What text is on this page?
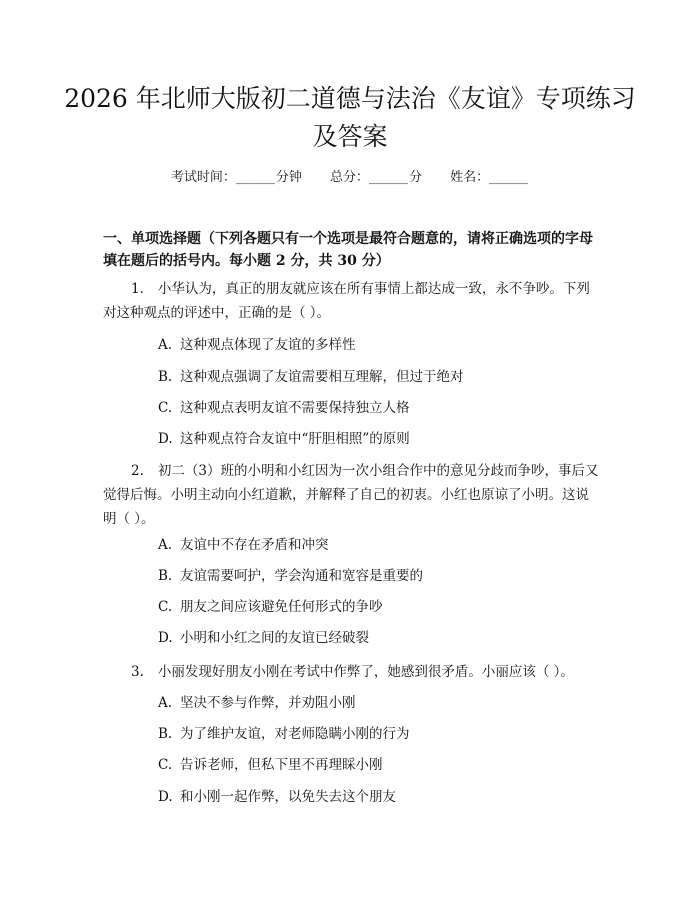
2026 年北师大版初二道德与法治《友谊》专项练习及答案
考试时间：______分钟 总分：______分 姓名：______

一、单项选择题（下列各题只有一个选项是最符合题意的，请将正确选项的字母填在题后的括号内。每小题 2 分，共 30 分）

1. 小华认为，真正的朋友就应该在所有事情上都达成一致，永不争吵。下列对这种观点的评述中，正确的是（ ）。
A. 这种观点体现了友谊的多样性
B. 这种观点强调了友谊需要相互理解，但过于绝对
C. 这种观点表明友谊不需要保持独立人格
D. 这种观点符合友谊中“肝胆相照”的原则
2. 初二（3）班的小明和小红因为一次小组合作中的意见分歧而争吵，事后又觉得后悔。小明主动向小红道歉，并解释了自己的初衷。小红也原谅了小明。这说明（ ）。
A. 友谊中不存在矛盾和冲突
B. 友谊需要呵护，学会沟通和宽容是重要的
C. 朋友之间应该避免任何形式的争吵
D. 小明和小红之间的友谊已经破裂
3. 小丽发现好朋友小刚在考试中作弊了，她感到很矛盾。小丽应该（ ）。
A. 坚决不参与作弊，并劝阻小刚
B. 为了维护友谊，对老师隐瞒小刚的行为
C. 告诉老师，但私下里不再理睬小刚
D. 和小刚一起作弊，以免失去这个朋友
